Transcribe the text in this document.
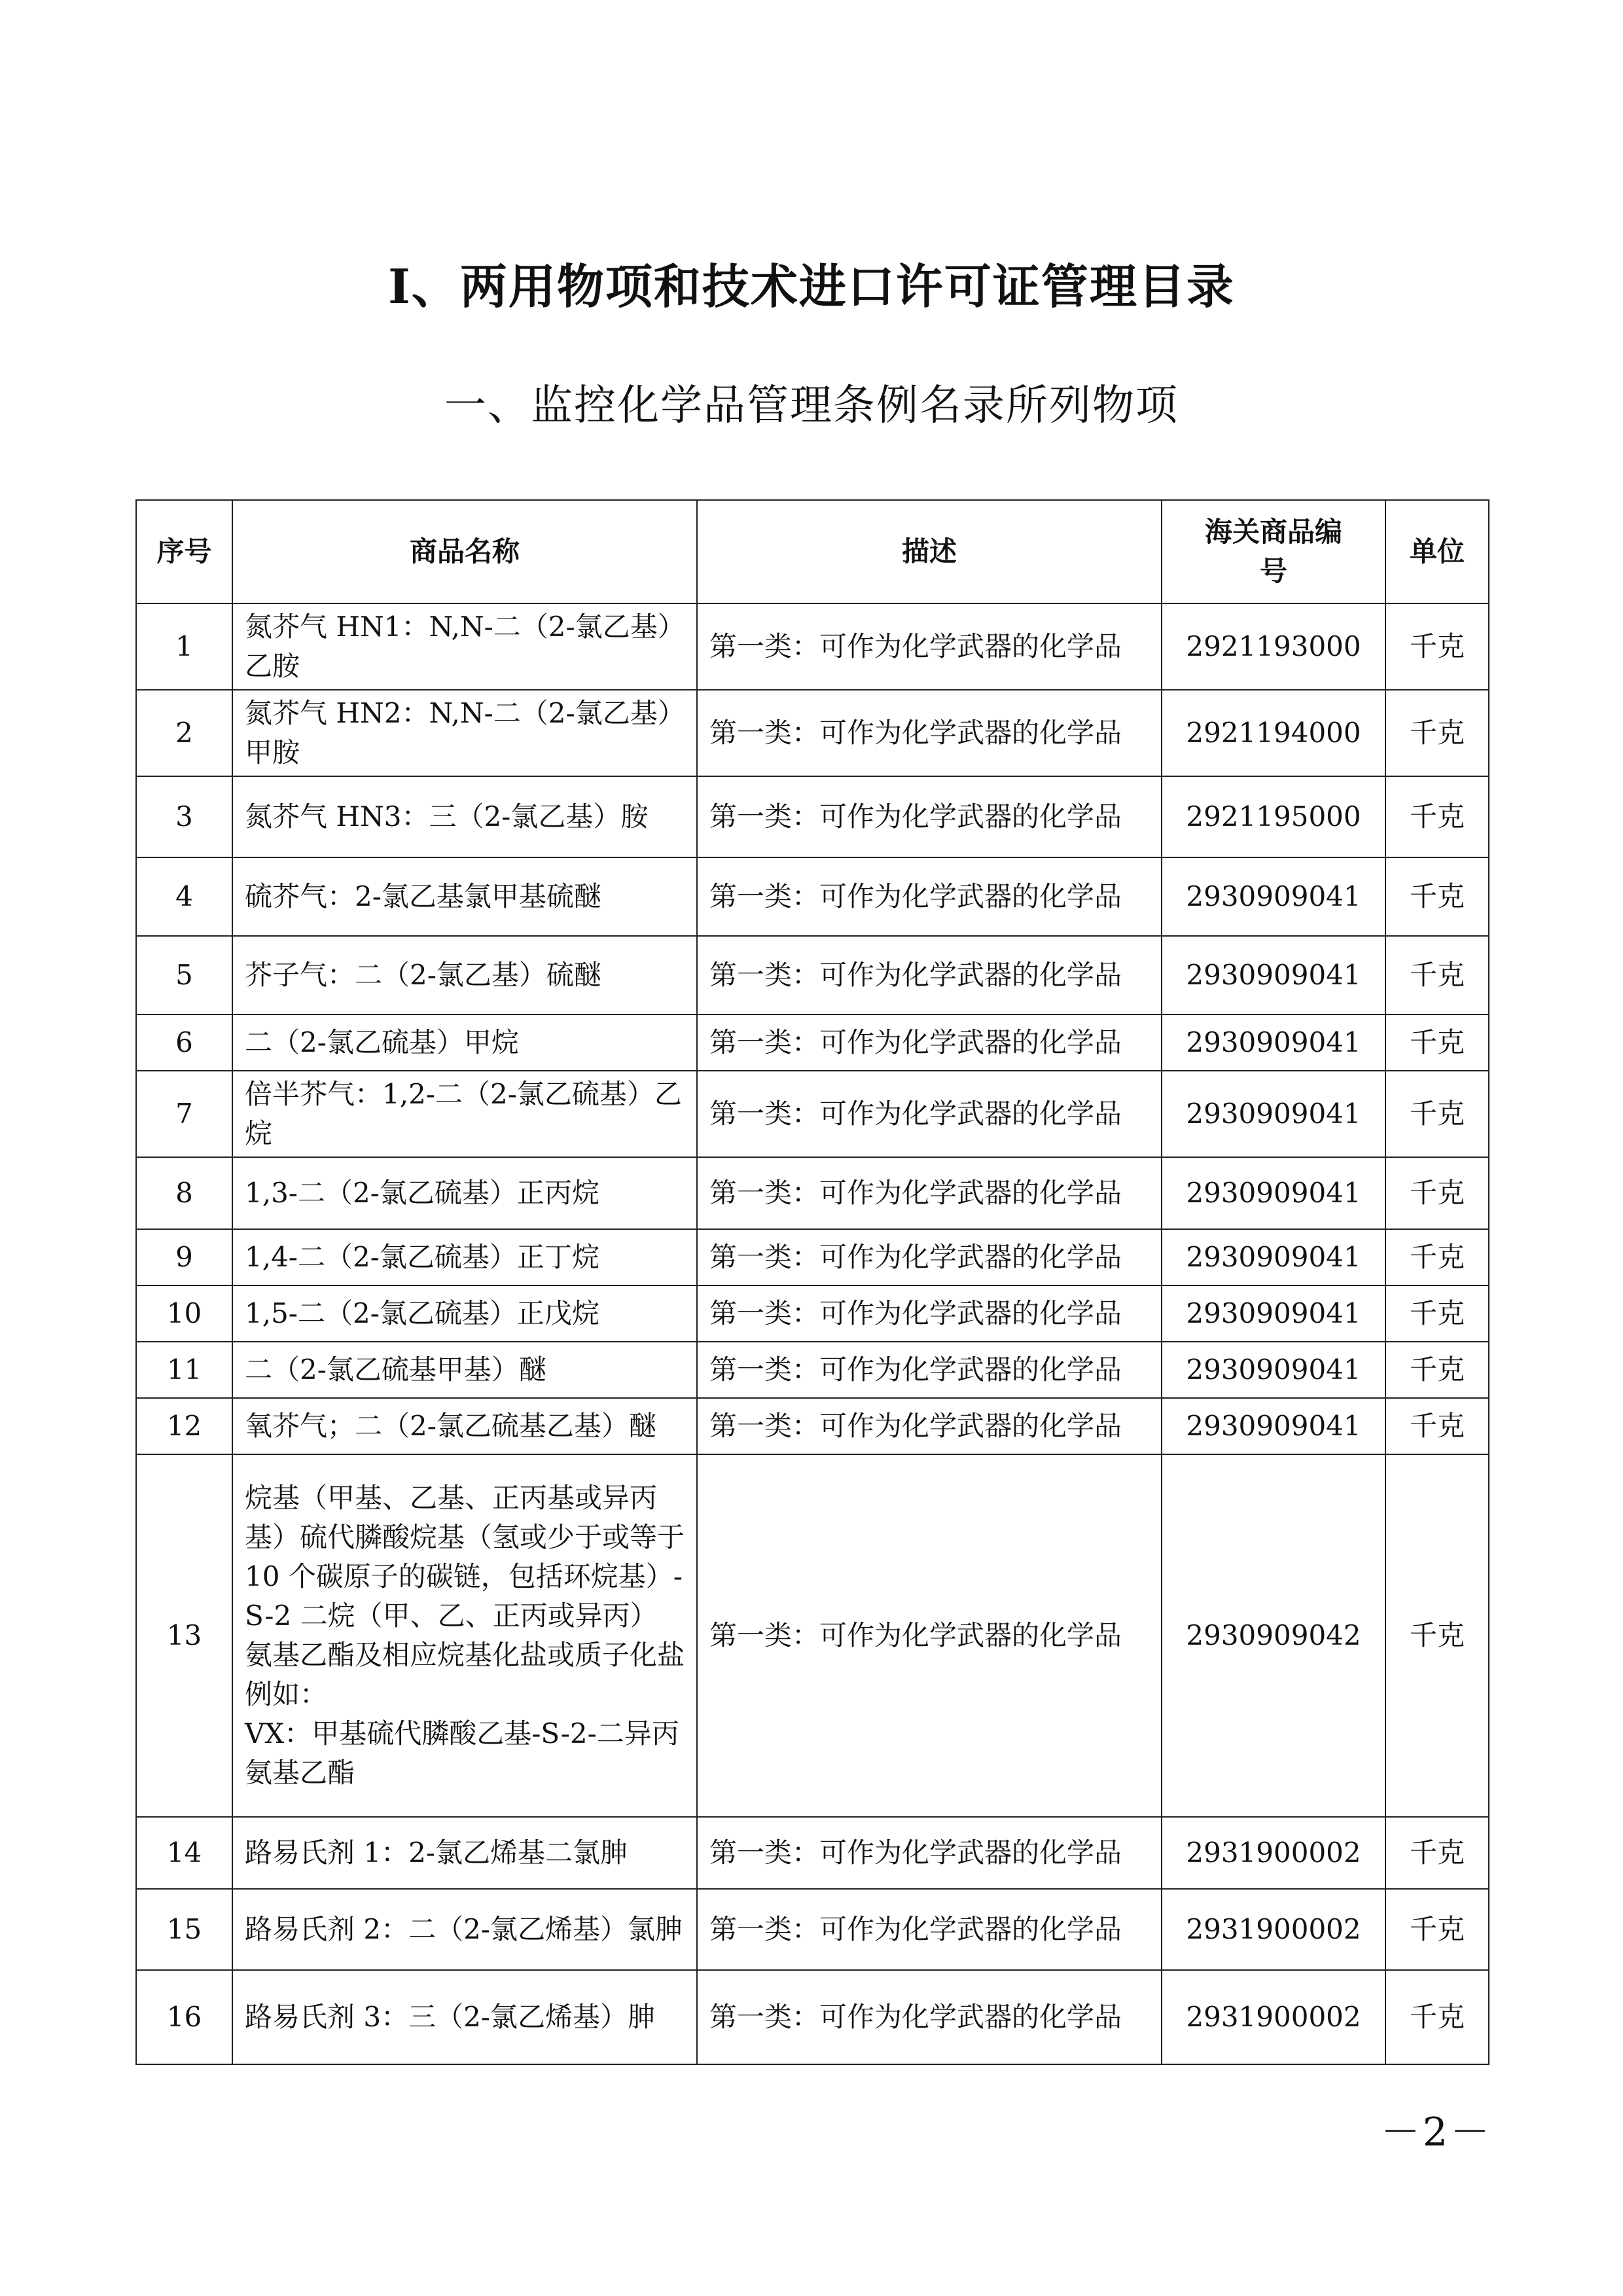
I、两用物项和技术进口许可证管理目录
一、监控化学品管理条例名录所列物项
序号	商品名称	描述	海关商品编号	单位
1	氮芥气 HN1：N,N-二（2-氯乙基）乙胺	第一类：可作为化学武器的化学品	2921193000	千克
2	氮芥气 HN2：N,N-二（2-氯乙基）甲胺	第一类：可作为化学武器的化学品	2921194000	千克
3	氮芥气 HN3：三（2-氯乙基）胺	第一类：可作为化学武器的化学品	2921195000	千克
4	硫芥气：2-氯乙基氯甲基硫醚	第一类：可作为化学武器的化学品	2930909041	千克
5	芥子气：二（2-氯乙基）硫醚	第一类：可作为化学武器的化学品	2930909041	千克
6	二（2-氯乙硫基）甲烷	第一类：可作为化学武器的化学品	2930909041	千克
7	倍半芥气：1,2-二（2-氯乙硫基）乙烷	第一类：可作为化学武器的化学品	2930909041	千克
8	1,3-二（2-氯乙硫基）正丙烷	第一类：可作为化学武器的化学品	2930909041	千克
9	1,4-二（2-氯乙硫基）正丁烷	第一类：可作为化学武器的化学品	2930909041	千克
10	1,5-二（2-氯乙硫基）正戊烷	第一类：可作为化学武器的化学品	2930909041	千克
11	二（2-氯乙硫基甲基）醚	第一类：可作为化学武器的化学品	2930909041	千克
12	氧芥气；二（2-氯乙硫基乙基）醚	第一类：可作为化学武器的化学品	2930909041	千克
13	烷基（甲基、乙基、正丙基或异丙基）硫代膦酸烷基（氢或少于或等于 10 个碳原子的碳链，包括环烷基）-S-2 二烷（甲、乙、正丙或异丙）氨基乙酯及相应烷基化盐或质子化盐
例如：
VX：甲基硫代膦酸乙基-S-2-二异丙氨基乙酯	第一类：可作为化学武器的化学品	2930909042	千克
14	路易氏剂 1：2-氯乙烯基二氯胂	第一类：可作为化学武器的化学品	2931900002	千克
15	路易氏剂 2：二（2-氯乙烯基）氯胂	第一类：可作为化学武器的化学品	2931900002	千克
16	路易氏剂 3：三（2-氯乙烯基）胂	第一类：可作为化学武器的化学品	2931900002	千克
－2－
